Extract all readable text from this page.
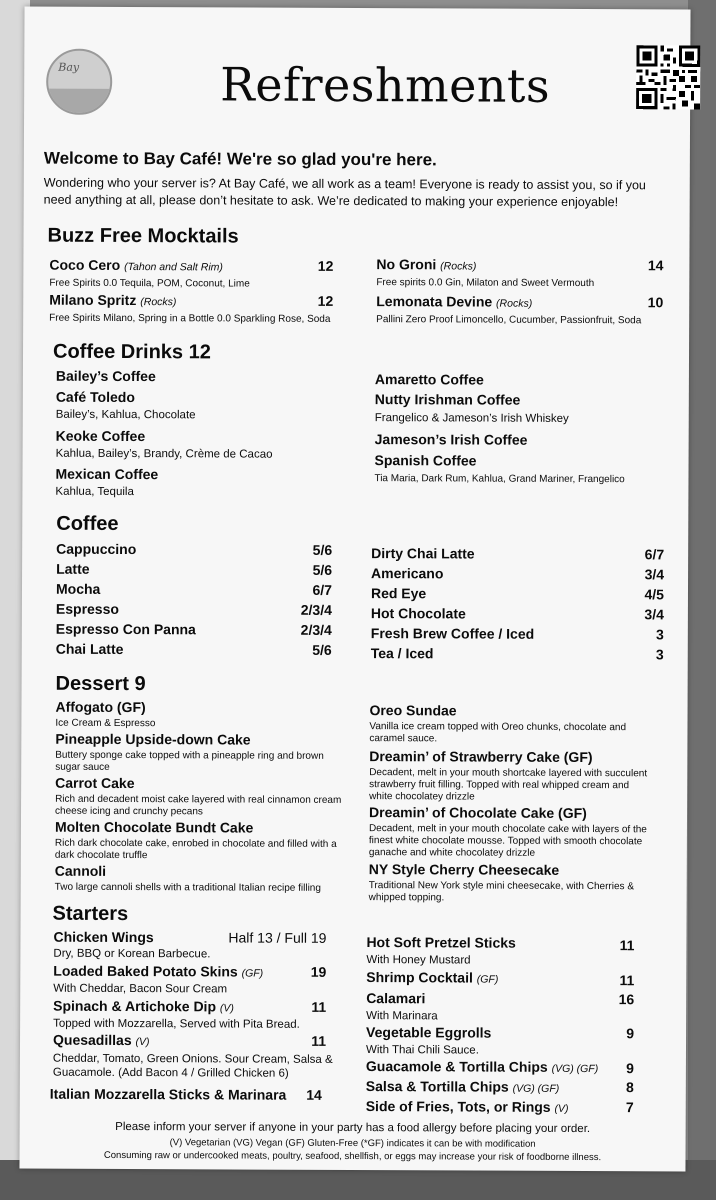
Bay	Refreshments
Welcome to Bay Café! We're so glad you're here.
Wondering who your server is? At Bay Café, we all work as a team! Everyone is ready to assist you, so if you need anything at all, please don’t hesitate to ask. We’re dedicated to making your experience enjoyable!
Buzz Free Mocktails
Coco Cero (Tahon and Salt Rim)	12
Free Spirits 0.0 Tequila, POM, Coconut, Lime
Milano Spritz (Rocks)	12
Free Spirits Milano, Spring in a Bottle 0.0 Sparkling Rose, Soda
No Groni (Rocks)	14
Free spirits 0.0 Gin, Milaton and Sweet Vermouth
Lemonata Devine (Rocks)	10
Pallini Zero Proof Limoncello, Cucumber, Passionfruit, Soda
Coffee Drinks 12
Bailey’s Coffee
Café Toledo
Bailey’s, Kahlua, Chocolate
Keoke Coffee
Kahlua, Bailey’s, Brandy, Crème de Cacao
Mexican Coffee
Kahlua, Tequila
Amaretto Coffee
Nutty Irishman Coffee
Frangelico & Jameson’s Irish Whiskey
Jameson’s Irish Coffee
Spanish Coffee
Tia Maria, Dark Rum, Kahlua, Grand Mariner, Frangelico
Coffee
Cappuccino	5/6
Latte	5/6
Mocha	6/7
Espresso	2/3/4
Espresso Con Panna	2/3/4
Chai Latte	5/6
Dirty Chai Latte	6/7
Americano	3/4
Red Eye	4/5
Hot Chocolate	3/4
Fresh Brew Coffee / Iced	3
Tea / Iced	3
Dessert 9
Affogato (GF)
Ice Cream & Espresso
Pineapple Upside-down Cake
Buttery sponge cake topped with a pineapple ring and brown sugar sauce
Carrot Cake
Rich and decadent moist cake layered with real cinnamon cream cheese icing and crunchy pecans
Molten Chocolate Bundt Cake
Rich dark chocolate cake, enrobed in chocolate and filled with a dark chocolate truffle
Cannoli
Two large cannoli shells with a traditional Italian recipe filling
Oreo Sundae
Vanilla ice cream topped with Oreo chunks, chocolate and caramel sauce.
Dreamin’ of Strawberry Cake (GF)
Decadent, melt in your mouth shortcake layered with succulent strawberry fruit filling. Topped with real whipped cream and white chocolatey drizzle
Dreamin’ of Chocolate Cake (GF)
Decadent, melt in your mouth chocolate cake with layers of the finest white chocolate mousse. Topped with smooth chocolate ganache and white chocolatey drizzle
NY Style Cherry Cheesecake
Traditional New York style mini cheesecake, with Cherries & whipped topping.
Starters
Chicken Wings	Half 13 / Full 19
Dry, BBQ or Korean Barbecue.
Loaded Baked Potato Skins (GF)	19
With Cheddar, Bacon Sour Cream
Spinach & Artichoke Dip (V)	11
Topped with Mozzarella, Served with Pita Bread.
Quesadillas (V)	11
Cheddar, Tomato, Green Onions. Sour Cream, Salsa & Guacamole. (Add Bacon 4 / Grilled Chicken 6)
Italian Mozzarella Sticks & Marinara	14
Hot Soft Pretzel Sticks	11
With Honey Mustard
Shrimp Cocktail (GF)	11
Calamari	16
With Marinara
Vegetable Eggrolls	9
With Thai Chili Sauce.
Guacamole & Tortilla Chips (VG) (GF)	9
Salsa & Tortilla Chips (VG) (GF)	8
Side of Fries, Tots, or Rings (V)	7
Please inform your server if anyone in your party has a food allergy before placing your order.
(V) Vegetarian (VG) Vegan (GF) Gluten-Free (*GF) indicates it can be with modification
Consuming raw or undercooked meats, poultry, seafood, shellfish, or eggs may increase your risk of foodborne illness.
